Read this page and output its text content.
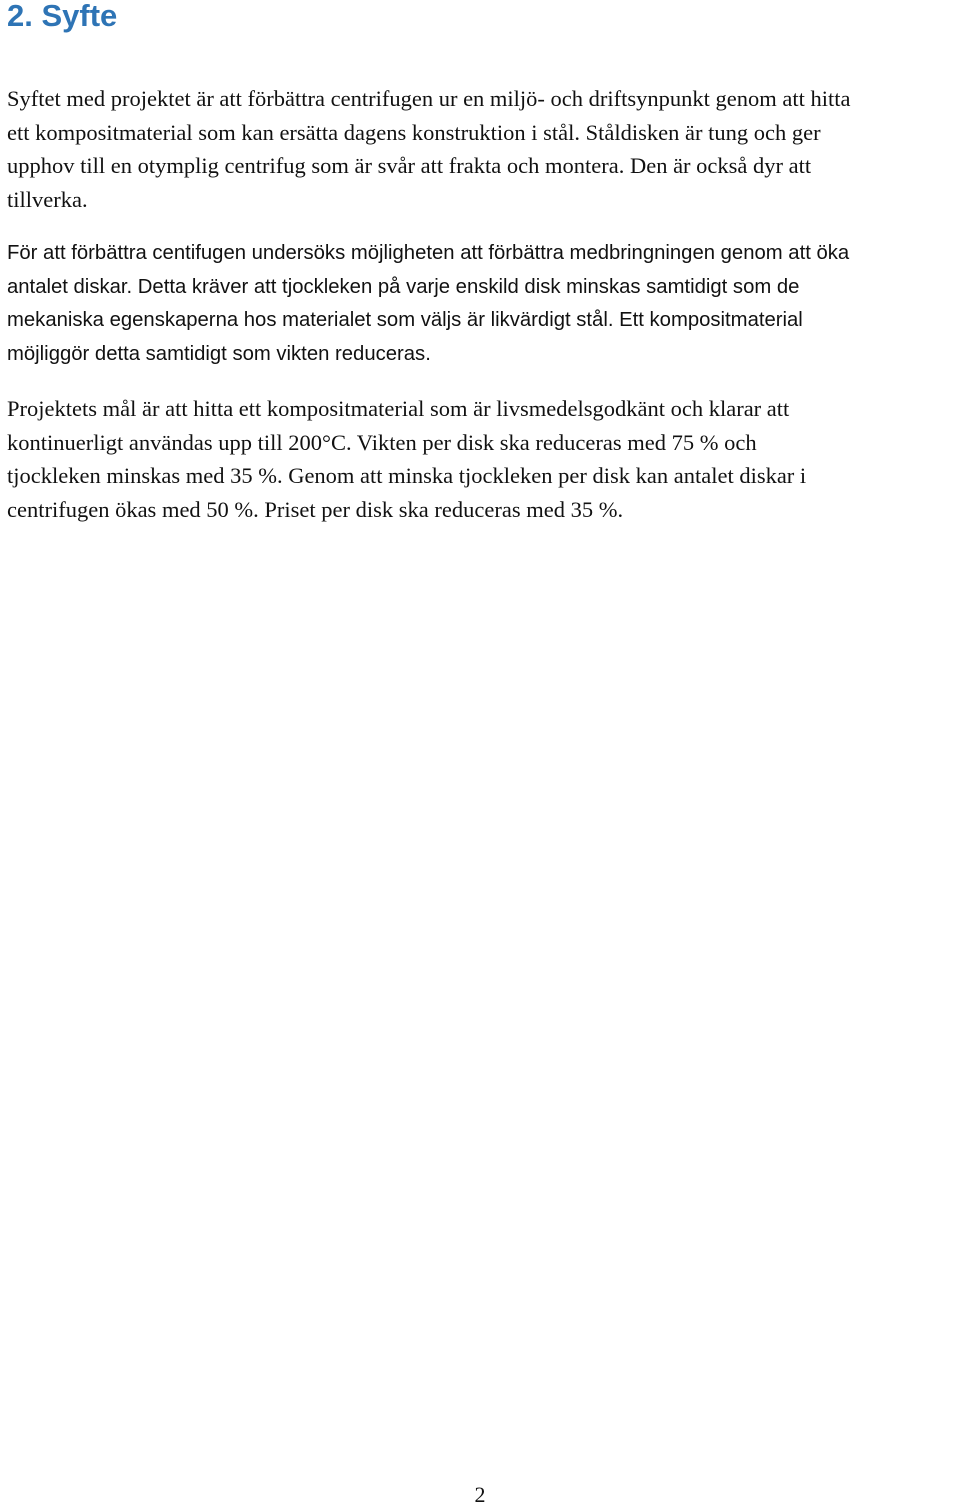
2. Syfte

Syftet med projektet är att förbättra centrifugen ur en miljö- och driftsynpunkt genom att hitta
ett kompositmaterial som kan ersätta dagens konstruktion i stål. Ståldisken är tung och ger
upphov till en otymplig centrifug som är svår att frakta och montera. Den är också dyr att
tillverka.

För att förbättra centifugen undersöks möjligheten att förbättra medbringningen genom att öka
antalet diskar. Detta kräver att tjockleken på varje enskild disk minskas samtidigt som de
mekaniska egenskaperna hos materialet som väljs är likvärdigt stål. Ett kompositmaterial
möjliggör detta samtidigt som vikten reduceras.

Projektets mål är att hitta ett kompositmaterial som är livsmedelsgodkänt och klarar att
kontinuerligt användas upp till 200°C. Vikten per disk ska reduceras med 75 % och
tjockleken minskas med 35 %. Genom att minska tjockleken per disk kan antalet diskar i
centrifugen ökas med 50 %. Priset per disk ska reduceras med 35 %.

2
